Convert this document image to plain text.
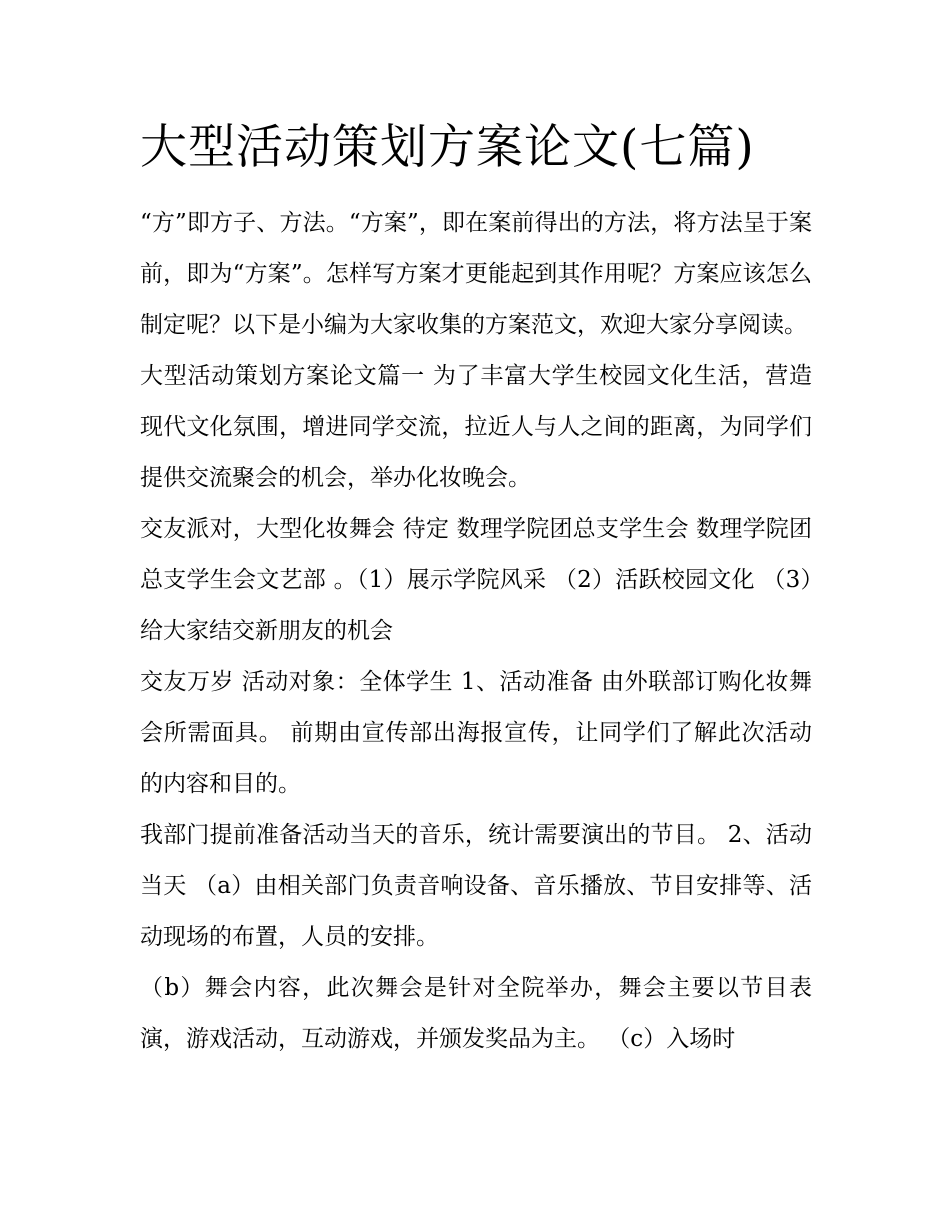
大型活动策划方案论文(七篇)

“方”即方子、方法。“方案”，即在案前得出的方法，将方法呈于案前，即为“方案”。怎样写方案才更能起到其作用呢？方案应该怎么制定呢？以下是小编为大家收集的方案范文，欢迎大家分享阅读。

大型活动策划方案论文篇一 为了丰富大学生校园文化生活，营造现代文化氛围，增进同学交流，拉近人与人之间的距离，为同学们提供交流聚会的机会，举办化妆晚会。

交友派对，大型化妆舞会 待定 数理学院团总支学生会 数理学院团总支学生会文艺部 。（1）展示学院风采 （2）活跃校园文化 （3）给大家结交新朋友的机会

交友万岁 活动对象：全体学生 1、活动准备 由外联部订购化妆舞会所需面具。 前期由宣传部出海报宣传，让同学们了解此次活动的内容和目的。

我部门提前准备活动当天的音乐，统计需要演出的节目。 2、活动当天 （a）由相关部门负责音响设备、音乐播放、节目安排等、活动现场的布置，人员的安排。

（b）舞会内容，此次舞会是针对全院举办，舞会主要以节目表演，游戏活动，互动游戏，并颁发奖品为主。 （c）入场时
